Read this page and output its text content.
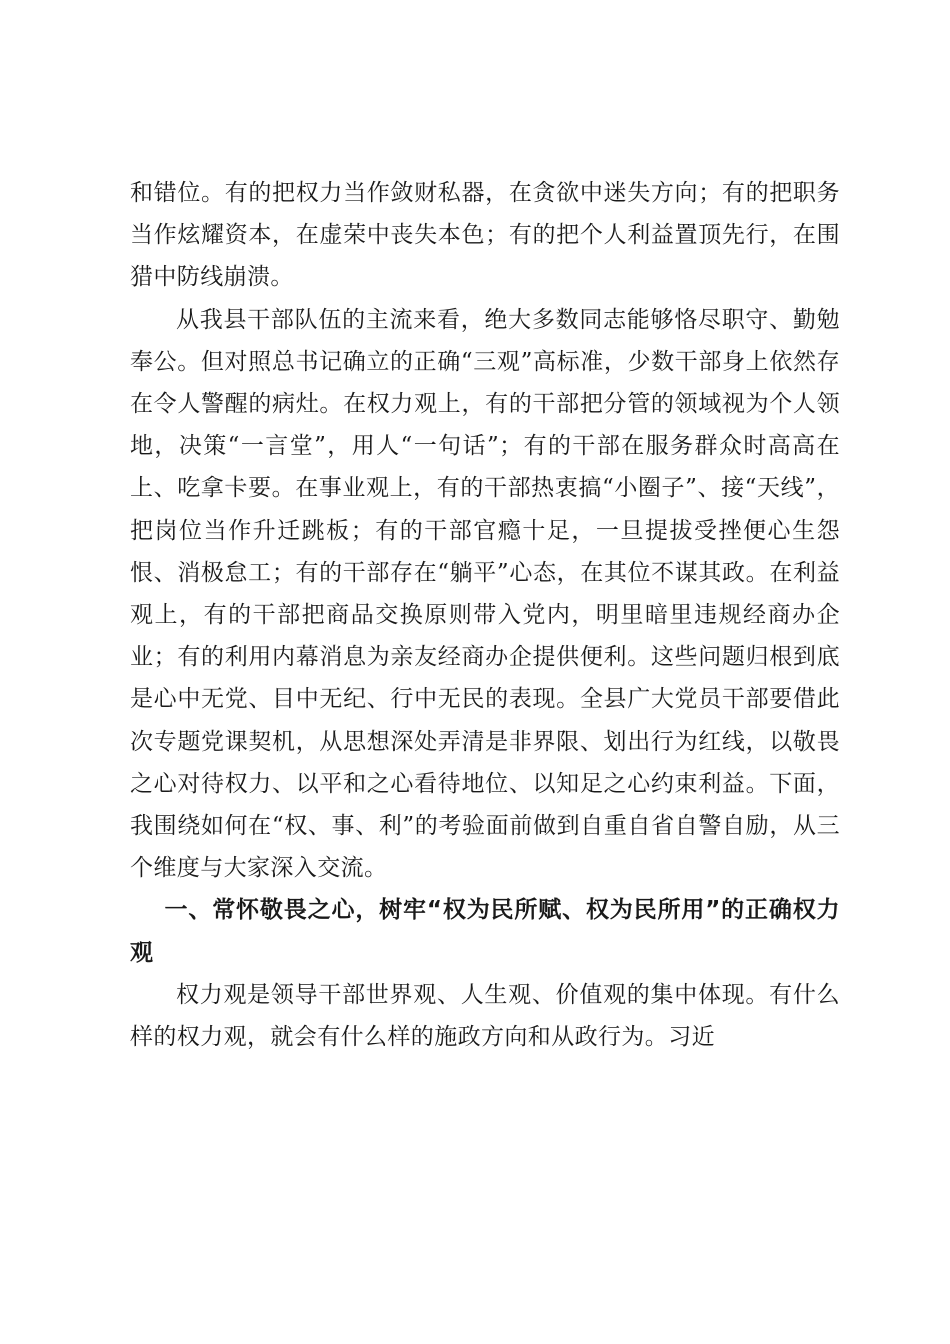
和错位。有的把权力当作敛财私器，在贪欲中迷失方向；有的把职务当作炫耀资本，在虚荣中丧失本色；有的把个人利益置顶先行，在围猎中防线崩溃。

从我县干部队伍的主流来看，绝大多数同志能够恪尽职守、勤勉奉公。但对照总书记确立的正确“三观”高标准，少数干部身上依然存在令人警醒的病灶。在权力观上，有的干部把分管的领域视为个人领地，决策“一言堂”，用人“一句话”；有的干部在服务群众时高高在上、吃拿卡要。在事业观上，有的干部热衷搞“小圈子”、接“天线”，把岗位当作升迁跳板；有的干部官瘾十足，一旦提拔受挫便心生怨恨、消极怠工；有的干部存在“躺平”心态，在其位不谋其政。在利益观上，有的干部把商品交换原则带入党内，明里暗里违规经商办企业；有的利用内幕消息为亲友经商办企提供便利。这些问题归根到底是心中无党、目中无纪、行中无民的表现。全县广大党员干部要借此次专题党课契机，从思想深处弄清是非界限、划出行为红线，以敬畏之心对待权力、以平和之心看待地位、以知足之心约束利益。下面，我围绕如何在“权、事、利”的考验面前做到自重自省自警自励，从三个维度与大家深入交流。

一、常怀敬畏之心，树牢“权为民所赋、权为民所用”的正确权力观

权力观是领导干部世界观、人生观、价值观的集中体现。有什么样的权力观，就会有什么样的施政方向和从政行为。习近
